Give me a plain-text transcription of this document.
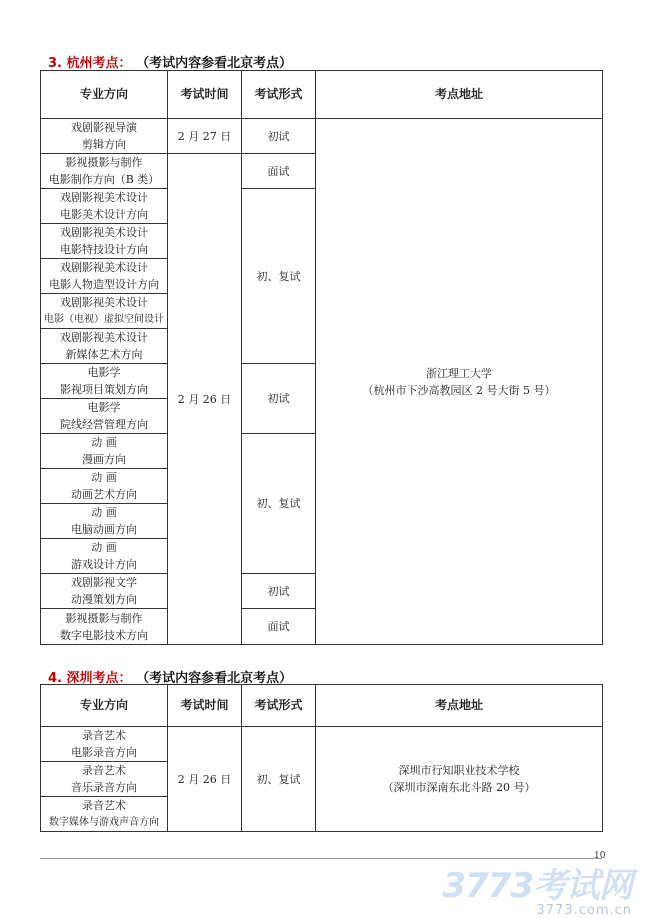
3. 杭州考点： （考试内容参看北京考点）
专业方向	考试时间	考试形式	考点地址

戏剧影视导演
剪辑方向	2 月 27 日	初试	浙江理工大学
（杭州市下沙高教园区 2 号大街 5 号）

影视摄影与制作
电影制作方向（B 类）	2 月 26 日	面试	

戏剧影视美术设计
电影美术设计方向		初、复试	

戏剧影视美术设计
电影特技设计方向			

戏剧影视美术设计
电影人物造型设计方向			

戏剧影视美术设计
电影（电视）虚拟空间设计			

戏剧影视美术设计
新媒体艺术方向			

电影学
影视项目策划方向		初试	

电影学
院线经营管理方向			

动 画
漫画方向		初、复试	

动 画
动画艺术方向			

动 画
电脑动画方向			

动 画
游戏设计方向			

戏剧影视文学
动漫策划方向		初试	

影视摄影与制作
数字电影技术方向		面试	
4. 深圳考点： （考试内容参看北京考点）
专业方向	考试时间	考试形式	考点地址

录音艺术
电影录音方向	2 月 26 日	初、复试	深圳市行知职业技术学校
（深圳市深南东北斗路 20 号）

录音艺术
音乐录音方向			

录音艺术
数字媒体与游戏声音方向			
10
3773考试网
3773.com.cn
